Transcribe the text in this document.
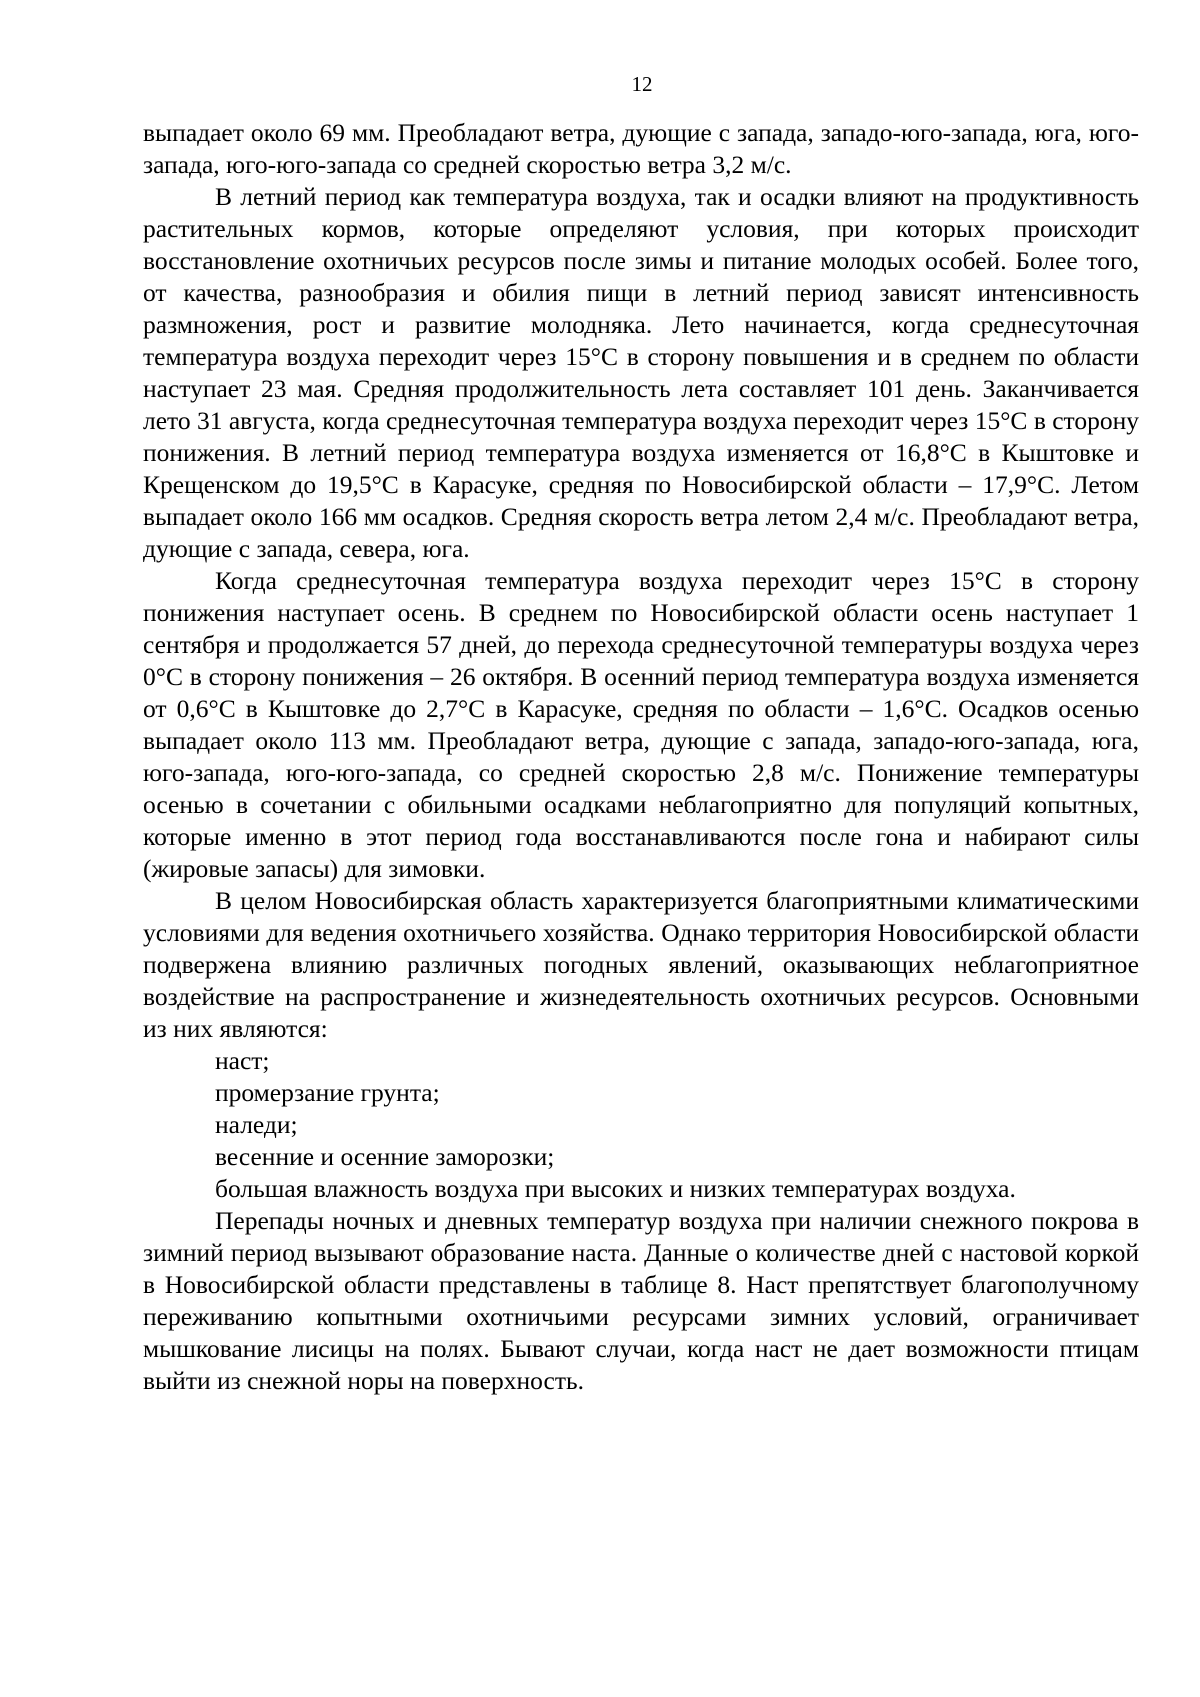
12

выпадает около 69 мм. Преобладают ветра, дующие с запада, западо-юго-запада, юга, юго-запада, юго-юго-запада со средней скоростью ветра 3,2 м/с.

В летний период как температура воздуха, так и осадки влияют на продуктивность растительных кормов, которые определяют условия, при которых происходит восстановление охотничьих ресурсов после зимы и питание молодых особей. Более того, от качества, разнообразия и обилия пищи в летний период зависят интенсивность размножения, рост и развитие молодняка. Лето начинается, когда среднесуточная температура воздуха переходит через 15°С в сторону повышения и в среднем по области наступает 23 мая. Средняя продолжительность лета составляет 101 день. Заканчивается лето 31 августа, когда среднесуточная температура воздуха переходит через 15°С в сторону понижения. В летний период температура воздуха изменяется от 16,8°С в Кыштовке и Крещенском до 19,5°С в Карасуке, средняя по Новосибирской области – 17,9°С. Летом выпадает около 166 мм осадков. Средняя скорость ветра летом 2,4 м/с. Преобладают ветра, дующие с запада, севера, юга.

Когда среднесуточная температура воздуха переходит через 15°С в сторону понижения наступает осень. В среднем по Новосибирской области осень наступает 1 сентября и продолжается 57 дней, до перехода среднесуточной температуры воздуха через 0°С в сторону понижения – 26 октября. В осенний период температура воздуха изменяется от 0,6°С в Кыштовке до 2,7°С в Карасуке, средняя по области – 1,6°С. Осадков осенью выпадает около 113 мм. Преобладают ветра, дующие с запада, западо-юго-запада, юга, юго-запада, юго-юго-запада, со средней скоростью 2,8 м/с. Понижение температуры осенью в сочетании с обильными осадками неблагоприятно для популяций копытных, которые именно в этот период года восстанавливаются после гона и набирают силы (жировые запасы) для зимовки.

В целом Новосибирская область характеризуется благоприятными климатическими условиями для ведения охотничьего хозяйства. Однако территория Новосибирской области подвержена влиянию различных погодных явлений, оказывающих неблагоприятное воздействие на распространение и жизнедеятельность охотничьих ресурсов. Основными из них являются:

наст;

промерзание грунта;

наледи;

весенние и осенние заморозки;

большая влажность воздуха при высоких и низких температурах воздуха.

Перепады ночных и дневных температур воздуха при наличии снежного покрова в зимний период вызывают образование наста. Данные о количестве дней с настовой коркой в Новосибирской области представлены в таблице 8. Наст препятствует благополучному переживанию копытными охотничьими ресурсами зимних условий, ограничивает мышкование лисицы на полях. Бывают случаи, когда наст не дает возможности птицам выйти из снежной норы на поверхность.
